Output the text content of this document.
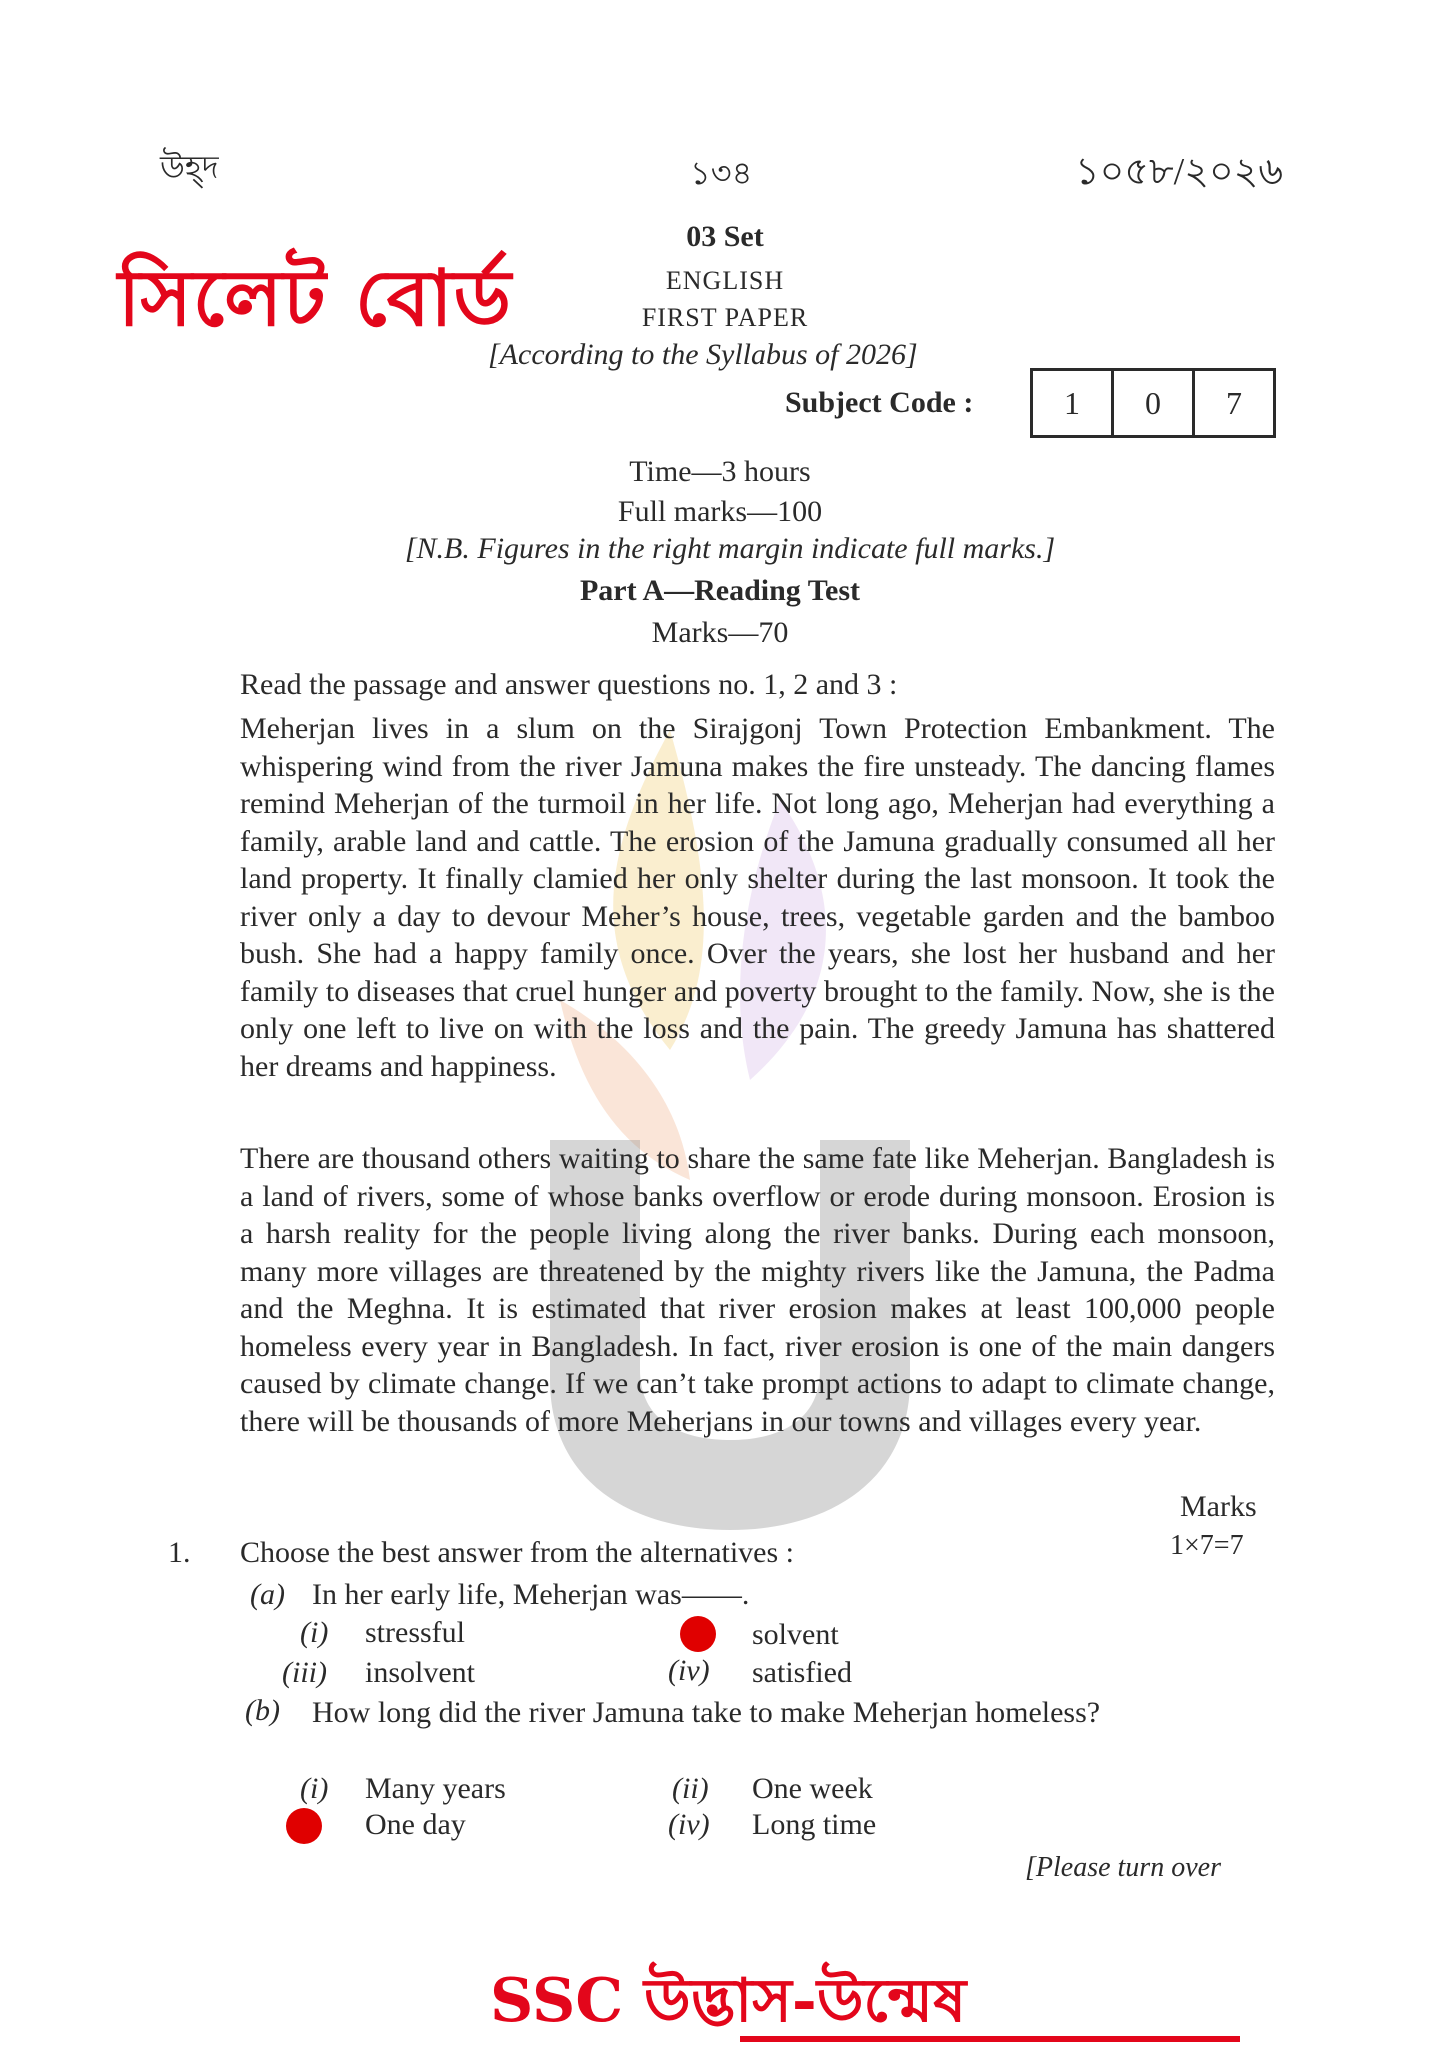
উহ্দ	১৩৪	১০৫৮/২০২৬
সিলেট বোর্ড
03 Set
ENGLISH
FIRST PAPER
[According to the Syllabus of 2026]
Subject Code :	1	0	7
Time—3 hours
Full marks—100
[N.B. Figures in the right margin indicate full marks.]
Part A—Reading Test
Marks—70
Read the passage and answer questions no. 1, 2 and 3 :
Meherjan lives in a slum on the Sirajgonj Town Protection Embankment. The whispering wind from the river Jamuna makes the fire unsteady. The dancing flames remind Meherjan of the turmoil in her life. Not long ago, Meherjan had everything a family, arable land and cattle. The erosion of the Jamuna gradually consumed all her land property. It finally clamied her only shelter during the last monsoon. It took the river only a day to devour Meher’s house, trees, vegetable garden and the bamboo bush. She had a happy family once. Over the years, she lost her husband and her family to diseases that cruel hunger and poverty brought to the family. Now, she is the only one left to live on with the loss and the pain. The greedy Jamuna has shattered her dreams and happiness.
There are thousand others waiting to share the same fate like Meherjan. Bangladesh is a land of rivers, some of whose banks overflow or erode during monsoon. Erosion is a harsh reality for the people living along the river banks. During each monsoon, many more villages are threatened by the mighty rivers like the Jamuna, the Padma and the Meghna. It is estimated that river erosion makes at least 100,000 people homeless every year in Bangladesh. In fact, river erosion is one of the main dangers caused by climate change. If we can’t take prompt actions to adapt to climate change, there will be thousands of more Meherjans in our towns and villages every year.
Marks
1×7=7
1. Choose the best answer from the alternatives :
(a) In her early life, Meherjan was——.
(i) stressful	solvent
(iii) insolvent	(iv) satisfied
(b) How long did the river Jamuna take to make Meherjan homeless?
(i) Many years	(ii) One week
One day	(iv) Long time
[Please turn over
SSC উদ্ভাস-উন্মেষ
